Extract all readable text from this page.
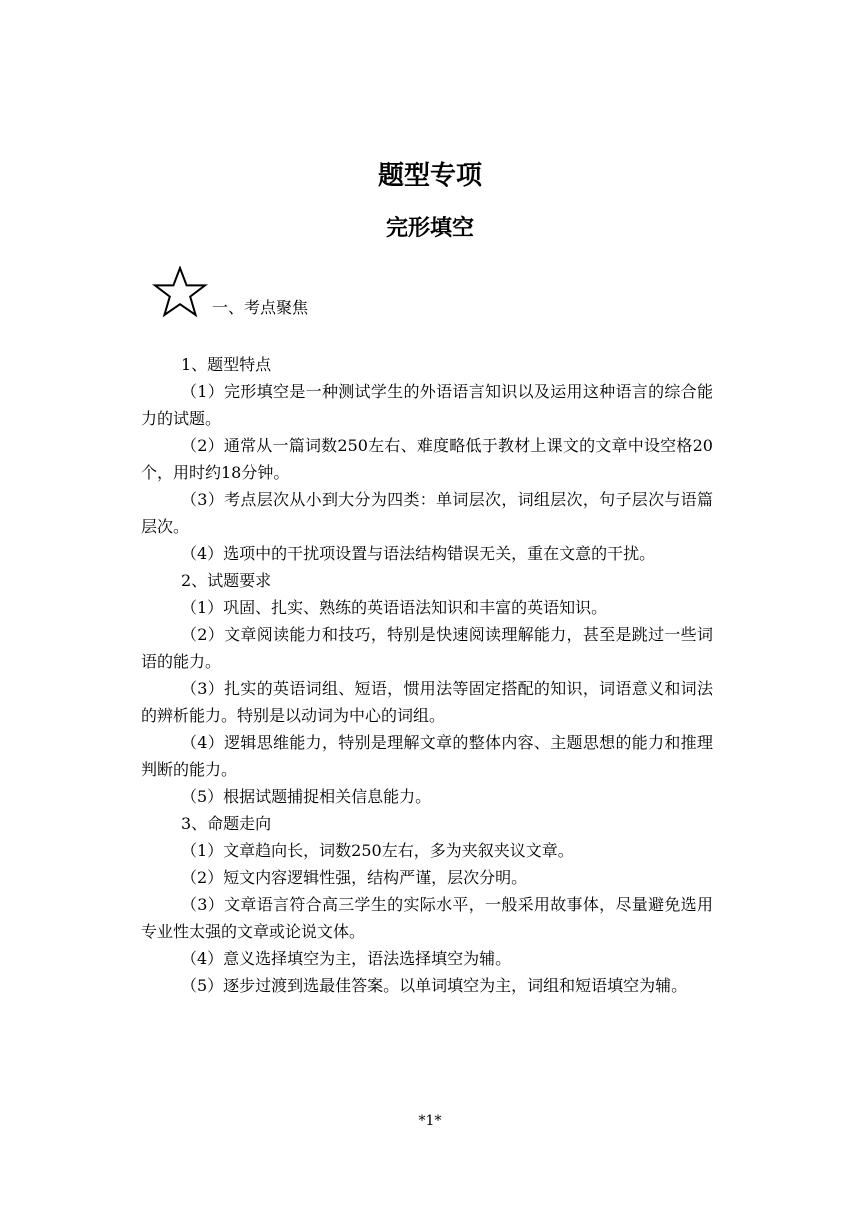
题型专项
完形填空
一、考点聚焦

1、题型特点

（1）完形填空是一种测试学生的外语语言知识以及运用这种语言的综合能力的试题。

（2）通常从一篇词数250左右、难度略低于教材上课文的文章中设空格20个，用时约18分钟。

（3）考点层次从小到大分为四类：单词层次，词组层次，句子层次与语篇层次。

（4）选项中的干扰项设置与语法结构错误无关，重在文意的干扰。

2、试题要求

（1）巩固、扎实、熟练的英语语法知识和丰富的英语知识。

（2）文章阅读能力和技巧，特别是快速阅读理解能力，甚至是跳过一些词语的能力。

（3）扎实的英语词组、短语，惯用法等固定搭配的知识，词语意义和词法的辨析能力。特别是以动词为中心的词组。

（4）逻辑思维能力，特别是理解文章的整体内容、主题思想的能力和推理判断的能力。

（5）根据试题捕捉相关信息能力。

3、命题走向

（1）文章趋向长，词数250左右，多为夹叙夹议文章。

（2）短文内容逻辑性强，结构严谨，层次分明。

（3）文章语言符合高三学生的实际水平，一般采用故事体，尽量避免选用专业性太强的文章或论说文体。

（4）意义选择填空为主，语法选择填空为辅。

（5）逐步过渡到选最佳答案。以单词填空为主，词组和短语填空为辅。

*1*
